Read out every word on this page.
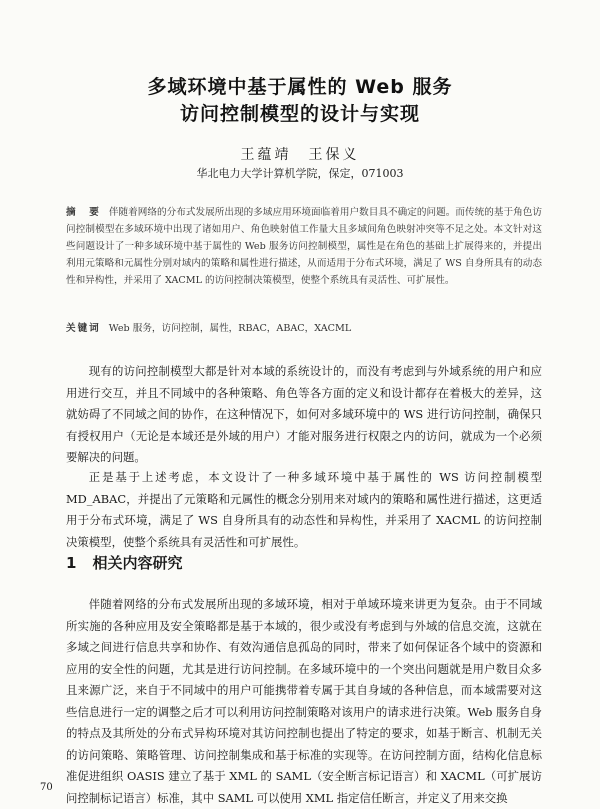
多域环境中基于属性的 Web 服务
访问控制模型的设计与实现
王蕴靖　王保义
华北电力大学计算机学院，保定，071003
摘　要 伴随着网络的分布式发展所出现的多域应用环境面临着用户数目具不确定的问题。而传统的基于角色访问控制模型在多域环境中出现了诸如用户、角色映射值工作量大且多域间角色映射冲突等不足之处。本文针对这些问题设计了一种多域环境中基于属性的 Web 服务访问控制模型，属性是在角色的基础上扩展得来的，并提出利用元策略和元属性分别对域内的策略和属性进行描述，从而适用于分布式环境，满足了 WS 自身所具有的动态性和异构性，并采用了 XACML 的访问控制决策模型，使整个系统具有灵活性、可扩展性。
关键词 Web 服务，访问控制，属性，RBAC，ABAC，XACML
现有的访问控制模型大都是针对本域的系统设计的，而没有考虑到与外域系统的用户和应用进行交互，并且不同域中的各种策略、角色等各方面的定义和设计都存在着极大的差异，这就妨碍了不同域之间的协作，在这种情况下，如何对多域环境中的 WS 进行访问控制，确保只有授权用户（无论是本域还是外域的用户）才能对服务进行权限之内的访问，就成为一个必须要解决的问题。
正是基于上述考虑，本文设计了一种多域环境中基于属性的 WS 访问控制模型 MD_ABAC，并提出了元策略和元属性的概念分别用来对域内的策略和属性进行描述，这更适用于分布式环境，满足了 WS 自身所具有的动态性和异构性，并采用了 XACML 的访问控制决策模型，使整个系统具有灵活性和可扩展性。
1 相关内容研究
伴随着网络的分布式发展所出现的多域环境，相对于单域环境来讲更为复杂。由于不同域所实施的各种应用及安全策略都是基于本域的，很少或没有考虑到与外域的信息交流，这就在多域之间进行信息共享和协作、有效沟通信息孤岛的同时，带来了如何保证各个域中的资源和应用的安全性的问题，尤其是进行访问控制。在多域环境中的一个突出问题就是用户数目众多且来源广泛，来自于不同域中的用户可能携带着专属于其自身域的各种信息，而本域需要对这些信息进行一定的调整之后才可以利用访问控制策略对该用户的请求进行决策。Web 服务自身的特点及其所处的分布式异构环境对其访问控制也提出了特定的要求，如基于断言、机制无关的访问策略、策略管理、访问控制集成和基于标准的实现等。在访问控制方面，结构化信息标准促进组织 OASIS 建立了基于 XML 的 SAML（安全断言标记语言）和 XACML（可扩展访问控制标记语言）标准，其中 SAML 可以使用 XML 指定信任断言，并定义了用来交换
70
